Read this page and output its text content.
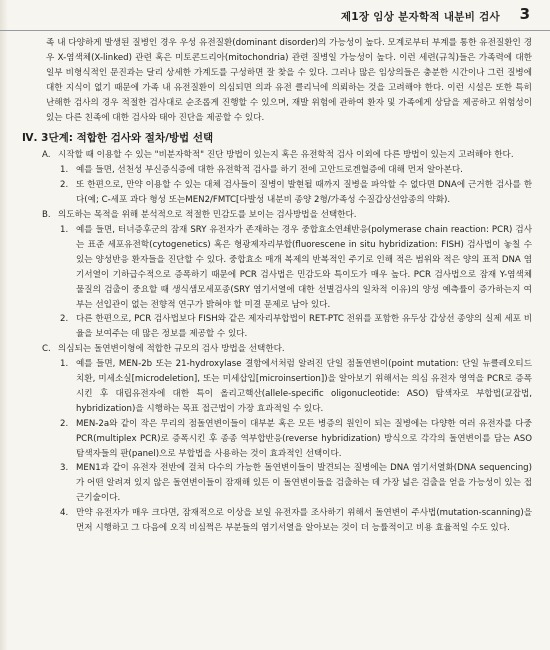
제1장 임상 분자학적 내분비 검사 3

족 내 다양하게 발생된 질병인 경우 우성 유전질환(dominant disorder)의 가능성이 높다. 모계로부터 부계를 통한 유전질환인 경우 X-염색체(X-linked) 관련 혹은 미토콘드리아(mitochondria) 관련 질병일 가능성이 높다. 이런 세련(규칙)들은 가족력에 대한 일부 비형식적인 문진과는 달리 상세한 가계도를 구성하면 잘 찾을 수 있다. 그러나 많은 임상의들은 충분한 시간이나 그런 질병에 대한 지식이 없기 때문에 가족 내 유전질환이 의심되면 의과 유전 클리닉에 의뢰하는 것을 고려해야 한다. 이런 시설은 또한 특히 난해한 검사의 경우 적절한 검사대로 순조롭게 진행할 수 있으며, 재발 위험에 관하여 환자 및 가족에게 상담을 제공하고 위험성이 있는 다른 친족에 대한 검사와 태아 진단을 제공할 수 있다.

Ⅳ. 3단계: 적합한 검사와 절차/방법 선택
A. 시작할 때 이용할 수 있는 "비분자학적" 진단 방법이 있는지 혹은 유전학적 검사 이외에 다른 방법이 있는지 고려해야 한다.
1. 예를 들면, 선천성 부신증식증에 대한 유전학적 검사를 하기 전에 고안드로겐혈증에 대해 먼저 알아본다.
2. 또 한편으로, 만약 이용할 수 있는 대체 검사들이 질병이 발현될 때까지 질병을 파악할 수 없다면 DNA에 근거한 검사를 한다(예; C-세포 과다 형성 또는MEN2/FMTC[다발성 내분비 종양 2형/가족성 수질갑상선암종의 약화).
B. 의도하는 목적을 위해 분석적으로 적절한 민감도를 보이는 검사방법을 선택한다.
1. 예를 들면, 터너증후군의 잠재 SRY 유전자가 존재하는 경우 중합효소연쇄반응(polymerase chain reaction: PCR) 검사는 표준 세포유전학(cytogenetics) 혹은 형광제자리부합(fluorescene in situ hybridization: FISH) 검사법이 놓칠 수 있는 양성반응 환자들을 진단할 수 있다. 중합효소 매개 복제의 반복적인 주기로 인해 적은 범위와 적은 양의 표적 DNA 염기서열이 기하급수적으로 증폭하기 때문에 PCR 검사법은 민감도와 특이도가 매우 높다. PCR 검사법으로 잠재 Y-염색체 물질의 검출이 중요할 때 생식샘모세포종(SRY 염기서열에 대한 선별검사의 일차적 이유)의 양성 예측률이 증가하는지 여부는 선입관이 없는 전향적 연구가 밝혀야 할 미결 문제로 남아 있다.
2. 다른 한편으로, PCR 검사법보다 FISH와 같은 제자리부합법이 RET-PTC 전위를 포함한 유두상 갑상선 종양의 실제 세포 비율을 보여주는 데 많은 정보를 제공할 수 있다.
C. 의심되는 돌연변이형에 적합한 규모의 검사 방법을 선택한다.
1. 예를 들면, MEN-2b 또는 21-hydroxylase 결함에서처럼 알려진 단일 점돌연변이(point mutation: 단일 뉴클레오티드 치환, 미세소실[microdeletion], 또는 미세삽입[microinsertion])을 알아보기 위해서는 의심 유전자 영역을 PCR로 증폭시킨 후 대립유전자에 대한 특이 올리고핵산(allele-specific oligonucleotide: ASO) 탐색자로 부합법(교잡법, hybridization)을 시행하는 목표 접근법이 가장 효과적일 수 있다.
2. MEN-2a와 같이 작은 무리의 점돌연변이들이 대부분 혹은 모든 병증의 원인이 되는 질병에는 다양한 여러 유전자를 다중 PCR(multiplex PCR)로 증폭시킨 후 종종 역부합반응(reverse hybridization) 방식으로 각각의 돌연변이를 담는 ASO 탐색자들의 판(panel)으로 부합법을 사용하는 것이 효과적인 선택이다.
3. MEN1과 같이 유전자 전반에 걸쳐 다수의 가능한 돌연변이들이 발견되는 질병에는 DNA 염기서열화(DNA sequencing)가 어떤 알려져 있지 않은 돌연변이들이 잠재해 있든 이 돌연변이들을 검출하는 데 가장 넓은 검출을 얻을 가능성이 있는 접근기술이다.
4. 만약 유전자가 매우 크다면, 잠재적으로 이상을 보일 유전자를 조사하기 위해서 돌연변이 주사법(mutation-scanning)을 먼저 시행하고 그 다음에 오직 비심쩍은 부분들의 염기서열을 알아보는 것이 더 능률적이고 비용 효율적일 수도 있다.
